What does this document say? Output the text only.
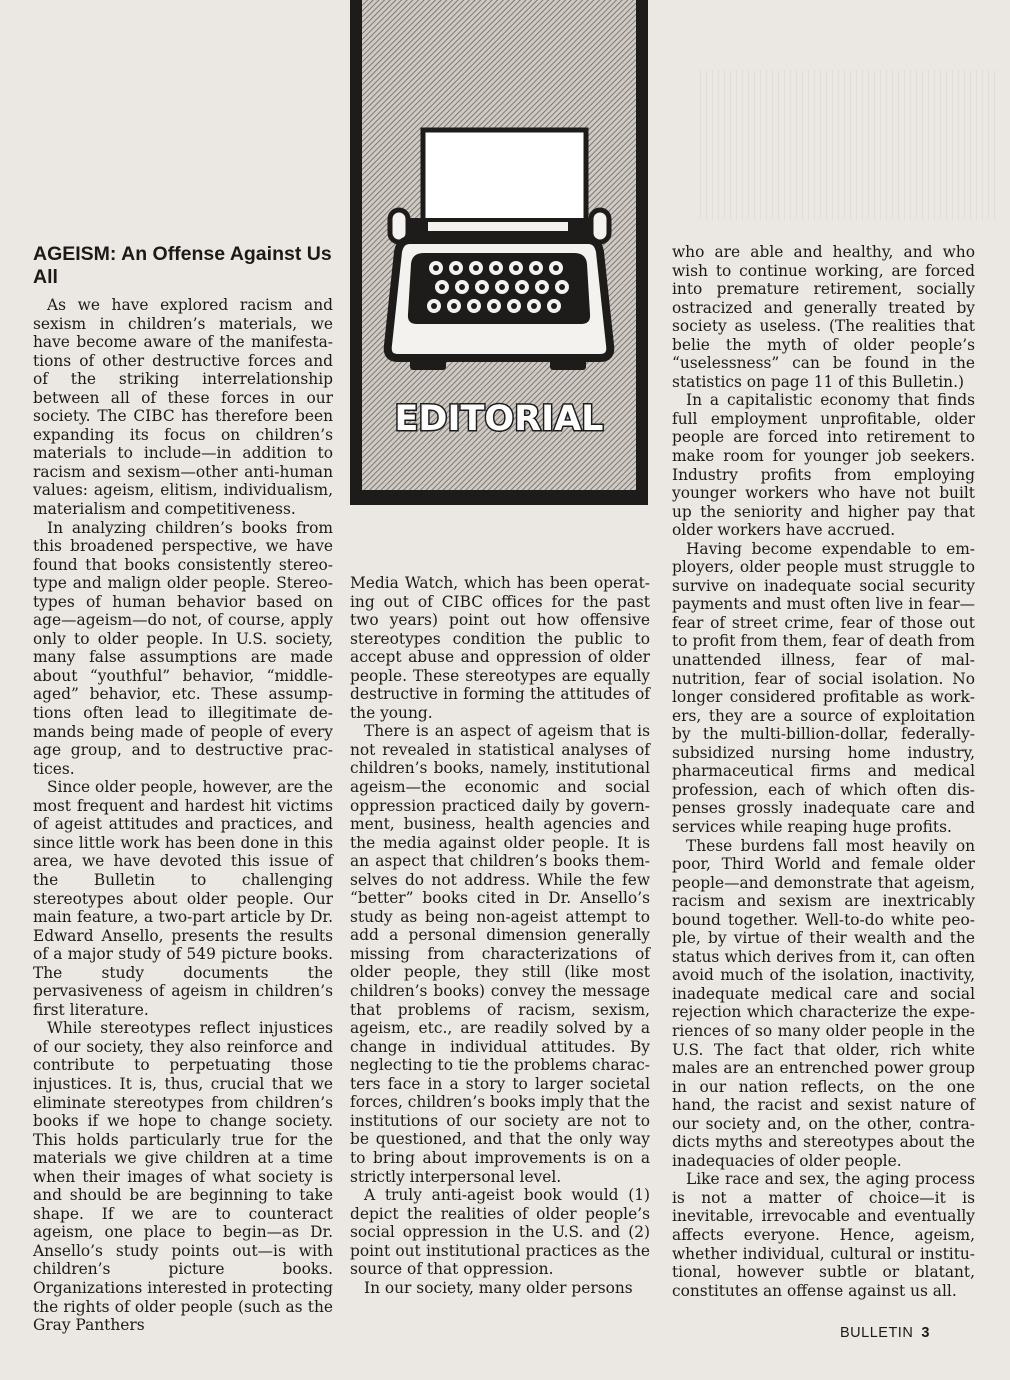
EDITORIAL
AGEISM: An Offense Against Us All

As we have explored racism and sexism in children’s materials, we have become aware of the manifestations of other destructive forces and of the striking interrelationship between all of these forces in our society. The CIBC has therefore been expanding its focus on children’s materials to include—in addition to racism and sexism—other anti-human values: ageism, elitism, individualism, materialism and competitiveness.

In analyzing children’s books from this broadened perspective, we have found that books consistently stereotype and malign older people. Stereotypes of human behavior based on age—ageism—do not, of course, apply only to older people. In U.S. society, many false assumptions are made about “youthful” behavior, “middle-aged” behavior, etc. These assumptions often lead to illegitimate demands being made of people of every age group, and to destructive practices.

Since older people, however, are the most frequent and hardest hit victims of ageist attitudes and practices, and since little work has been done in this area, we have devoted this issue of the Bulletin to challenging stereotypes about older people. Our main feature, a two-part article by Dr. Edward Ansello, presents the results of a major study of 549 picture books. The study documents the pervasiveness of ageism in children’s first literature.

While stereotypes reflect injustices of our society, they also reinforce and contribute to perpetuating those injustices. It is, thus, crucial that we eliminate stereotypes from children’s books if we hope to change society. This holds particularly true for the materials we give children at a time when their images of what society is and should be are beginning to take shape. If we are to counteract ageism, one place to begin—as Dr. Ansello’s study points out—is with children’s picture books. Organizations interested in protecting the rights of older people (such as the Gray Panthers

Media Watch, which has been operating out of CIBC offices for the past two years) point out how offensive stereotypes condition the public to accept abuse and oppression of older people. These stereotypes are equally destructive in forming the attitudes of the young.

There is an aspect of ageism that is not revealed in statistical analyses of children’s books, namely, institutional ageism—the economic and social oppression practiced daily by government, business, health agencies and the media against older people. It is an aspect that children’s books themselves do not address. While the few “better” books cited in Dr. Ansello’s study as being non-ageist attempt to add a personal dimension generally missing from characterizations of older people, they still (like most children’s books) convey the message that problems of racism, sexism, ageism, etc., are readily solved by a change in individual attitudes. By neglecting to tie the problems characters face in a story to larger societal forces, children’s books imply that the institutions of our society are not to be questioned, and that the only way to bring about improvements is on a strictly interpersonal level.

A truly anti-ageist book would (1) depict the realities of older people’s social oppression in the U.S. and (2) point out institutional practices as the source of that oppression.

In our society, many older persons

who are able and healthy, and who wish to continue working, are forced into premature retirement, socially ostracized and generally treated by society as useless. (The realities that belie the myth of older people’s “uselessness” can be found in the statistics on page 11 of this Bulletin.)

In a capitalistic economy that finds full employment unprofitable, older people are forced into retirement to make room for younger job seekers. Industry profits from employing younger workers who have not built up the seniority and higher pay that older workers have accrued.

Having become expendable to employers, older people must struggle to survive on inadequate social security payments and must often live in fear—fear of street crime, fear of those out to profit from them, fear of death from unattended illness, fear of malnutrition, fear of social isolation. No longer considered profitable as workers, they are a source of exploitation by the multi-billion-dollar, federally-subsidized nursing home industry, pharmaceutical firms and medical profession, each of which often dispenses grossly inadequate care and services while reaping huge profits.

These burdens fall most heavily on poor, Third World and female older people—and demonstrate that ageism, racism and sexism are inextricably bound together. Well-to-do white people, by virtue of their wealth and the status which derives from it, can often avoid much of the isolation, inactivity, inadequate medical care and social rejection which characterize the experiences of so many older people in the U.S. The fact that older, rich white males are an entrenched power group in our nation reflects, on the one hand, the racist and sexist nature of our society and, on the other, contradicts myths and stereotypes about the inadequacies of older people.

Like race and sex, the aging process is not a matter of choice—it is inevitable, irrevocable and eventually affects everyone. Hence, ageism, whether individual, cultural or institutional, however subtle or blatant, constitutes an offense against us all.

BULLETIN 3
